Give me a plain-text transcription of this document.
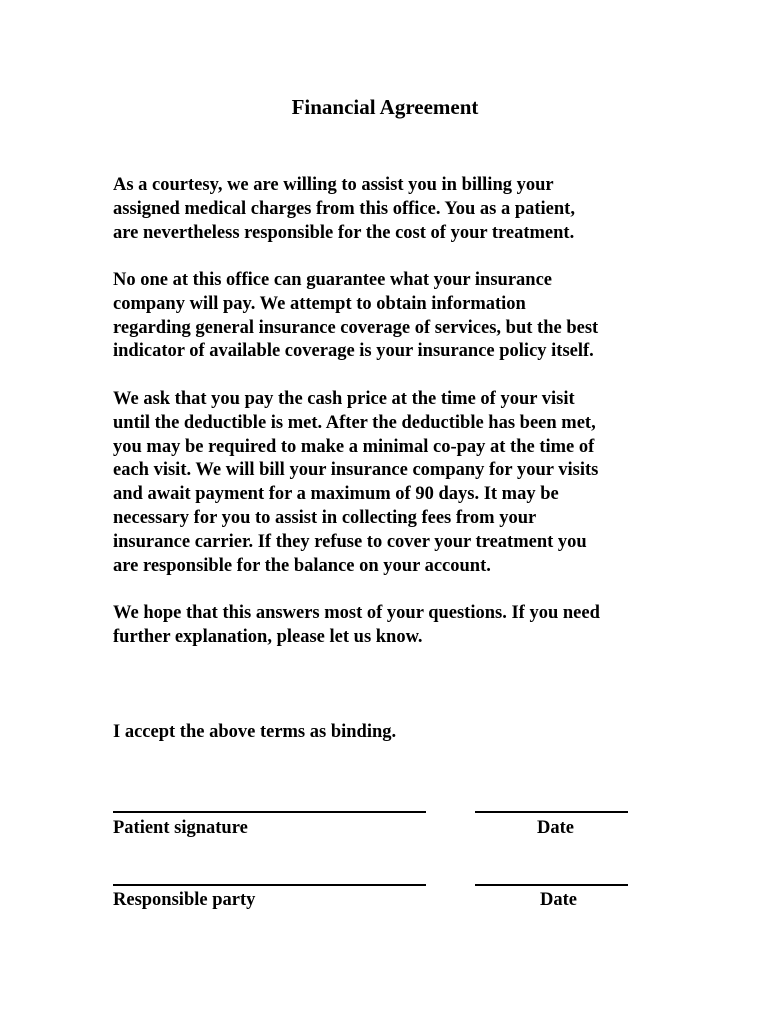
Financial Agreement
As a courtesy, we are willing to assist you in billing your
assigned medical charges from this office. You as a patient,
are nevertheless responsible for the cost of your treatment.
No one at this office can guarantee what your insurance
company will pay. We attempt to obtain information
regarding general insurance coverage of services, but the best
indicator of available coverage is your insurance policy itself.
We ask that you pay the cash price at the time of your visit
until the deductible is met. After the deductible has been met,
you may be required to make a minimal co-pay at the time of
each visit. We will bill your insurance company for your visits
and await payment for a maximum of 90 days. It may be
necessary for you to assist in collecting fees from your
insurance carrier. If they refuse to cover your treatment you
are responsible for the balance on your account.
We hope that this answers most of your questions. If you need
further explanation, please let us know.
I accept the above terms as binding.
Patient signature	Date
Responsible party	Date
